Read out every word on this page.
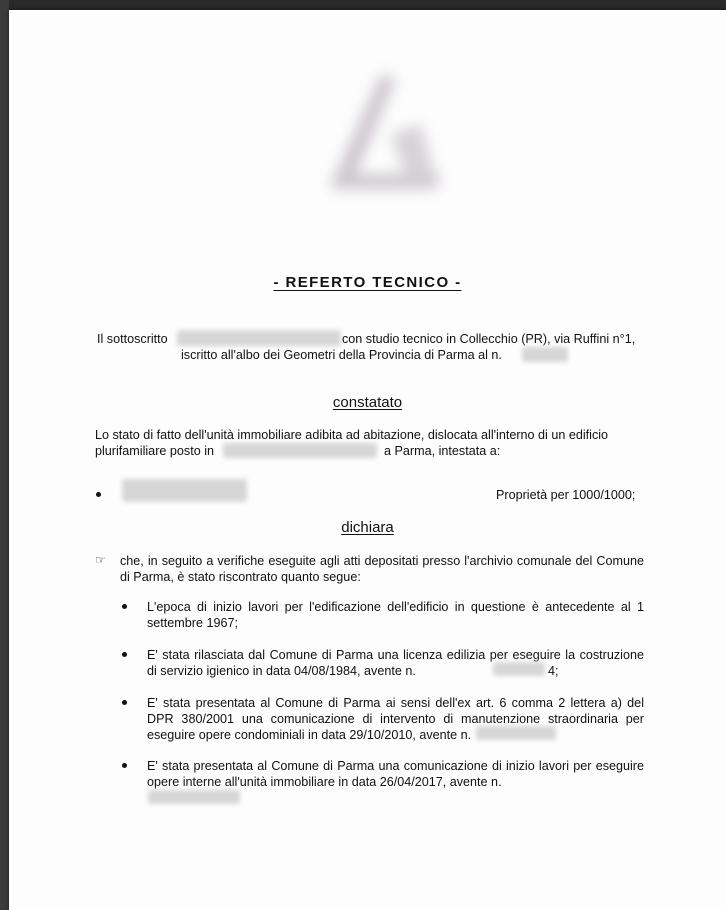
- REFERTO TECNICO -
Il sottoscritto	con studio tecnico in Collecchio (PR), via Ruffini n°1,
iscritto all'albo dei Geometri della Provincia di Parma al n.
constatato
Lo stato di fatto dell'unità immobiliare adibita ad abitazione, dislocata all'interno di un edificio
plurifamiliare posto in	a Parma, intestata a:
Proprietà per 1000/1000;
dichiara
☞ che, in seguito a verifiche eseguite agli atti depositati presso l'archivio comunale del Comune di Parma, è stato riscontrato quanto segue:
L'epoca di inizio lavori per l'edificazione dell'edificio in questione è antecedente al 1 settembre 1967;
E' stata rilasciata dal Comune di Parma una licenza edilizia per eseguire la costruzione di servizio igienico in data 04/08/1984, avente n.	4;
E' stata presentata al Comune di Parma ai sensi dell'ex art. 6 comma 2 lettera a) del DPR 380/2001 una comunicazione di intervento di manutenzione straordinaria per eseguire opere condominiali in data 29/10/2010, avente n.
E' stata presentata al Comune di Parma una comunicazione di inizio lavori per eseguire opere interne all'unità immobiliare in data 26/04/2017, avente n.
